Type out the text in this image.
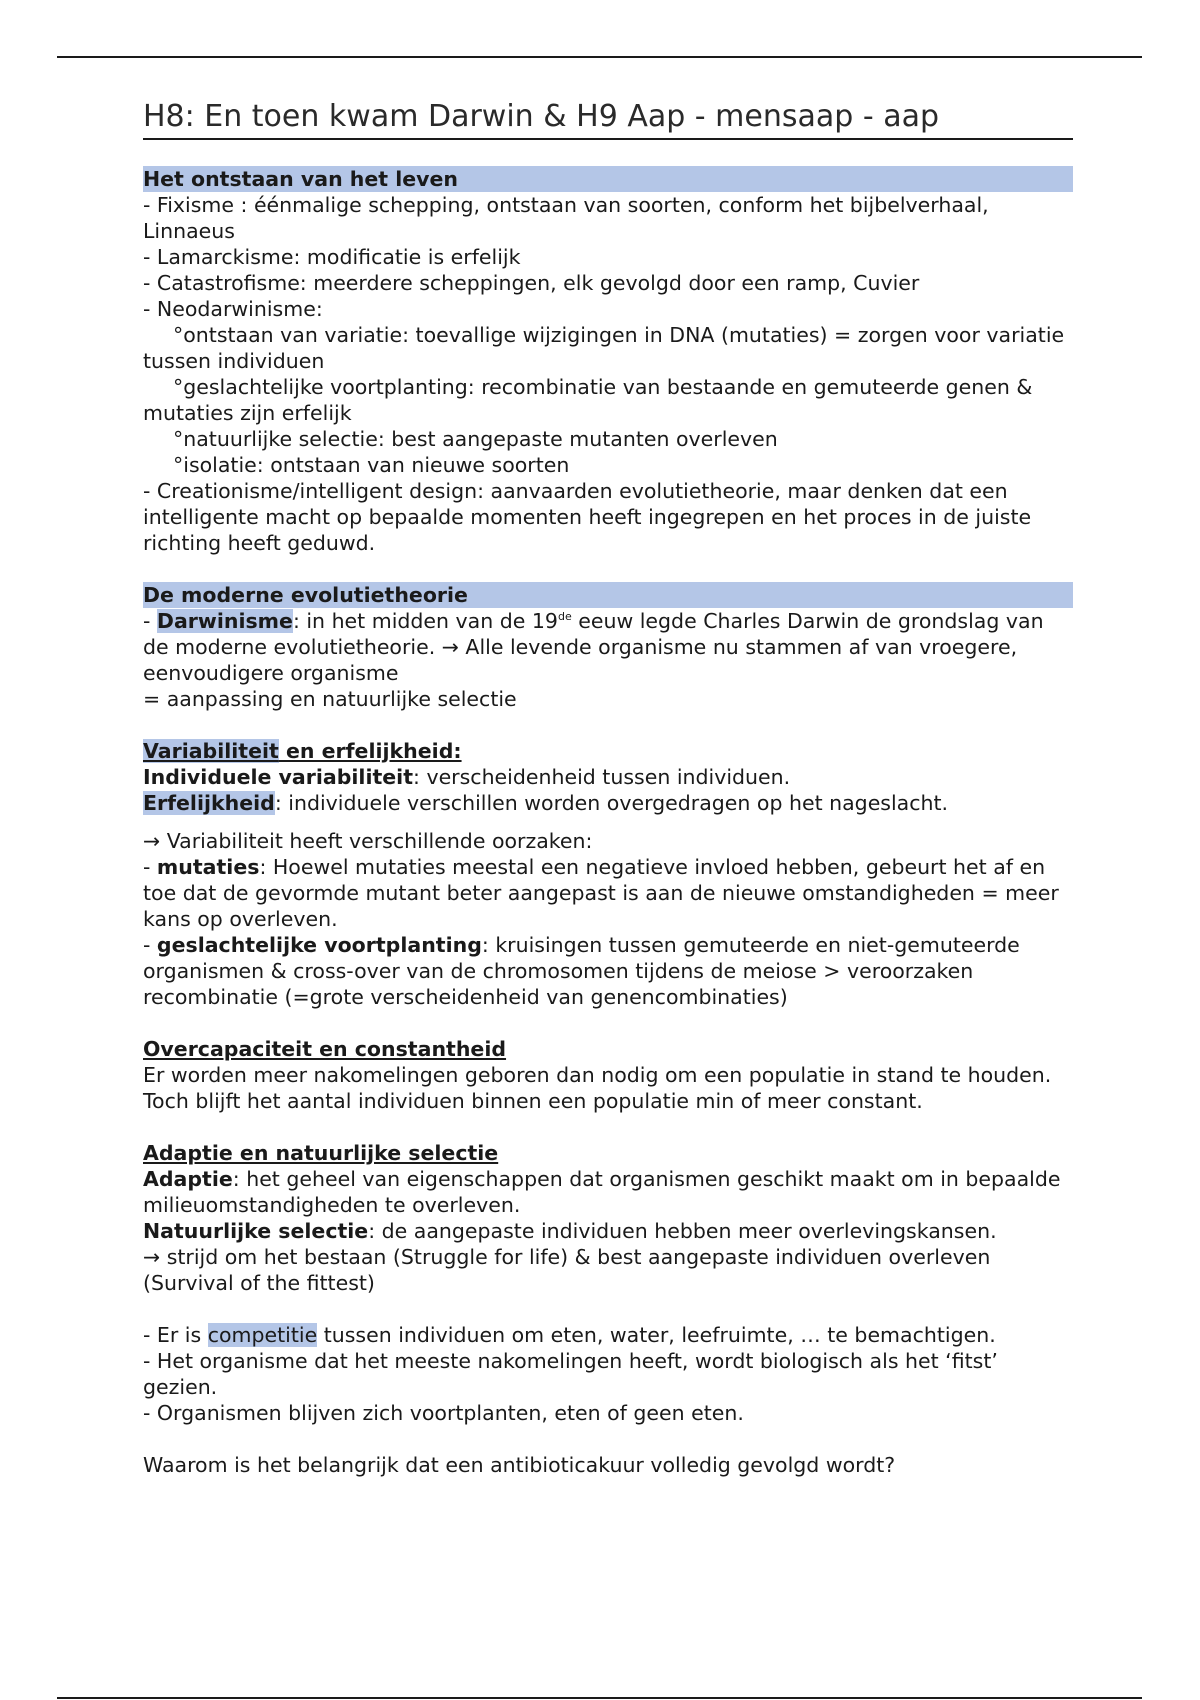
H8: En toen kwam Darwin & H9 Aap - mensaap - aap
Het ontstaan van het leven
- Fixisme : éénmalige schepping, ontstaan van soorten, conform het bijbelverhaal, Linnaeus
- Lamarckisme: modificatie is erfelijk
- Catastrofisme: meerdere scheppingen, elk gevolgd door een ramp, Cuvier
- Neodarwinisme:
°ontstaan van variatie: toevallige wijzigingen in DNA (mutaties) = zorgen voor variatie tussen individuen
°geslachtelijke voortplanting: recombinatie van bestaande en gemuteerde genen & mutaties zijn erfelijk
°natuurlijke selectie: best aangepaste mutanten overleven
°isolatie: ontstaan van nieuwe soorten
- Creationisme/intelligent design: aanvaarden evolutietheorie, maar denken dat een intelligente macht op bepaalde momenten heeft ingegrepen en het proces in de juiste richting heeft geduwd.
De moderne evolutietheorie
- Darwinisme: in het midden van de 19de eeuw legde Charles Darwin de grondslag van de moderne evolutietheorie. → Alle levende organisme nu stammen af van vroegere, eenvoudigere organisme
= aanpassing en natuurlijke selectie
Variabiliteit en erfelijkheid:
Individuele variabiliteit: verscheidenheid tussen individuen.
Erfelijkheid: individuele verschillen worden overgedragen op het nageslacht.
→ Variabiliteit heeft verschillende oorzaken:
- mutaties: Hoewel mutaties meestal een negatieve invloed hebben, gebeurt het af en toe dat de gevormde mutant beter aangepast is aan de nieuwe omstandigheden = meer kans op overleven.
- geslachtelijke voortplanting: kruisingen tussen gemuteerde en niet-gemuteerde organismen & cross-over van de chromosomen tijdens de meiose > veroorzaken recombinatie (=grote verscheidenheid van genencombinaties)
Overcapaciteit en constantheid
Er worden meer nakomelingen geboren dan nodig om een populatie in stand te houden. Toch blijft het aantal individuen binnen een populatie min of meer constant.
Adaptie en natuurlijke selectie
Adaptie: het geheel van eigenschappen dat organismen geschikt maakt om in bepaalde milieuomstandigheden te overleven.
Natuurlijke selectie: de aangepaste individuen hebben meer overlevingskansen.
→ strijd om het bestaan (Struggle for life) & best aangepaste individuen overleven (Survival of the fittest)
- Er is competitie tussen individuen om eten, water, leefruimte, … te bemachtigen.
- Het organisme dat het meeste nakomelingen heeft, wordt biologisch als het ‘fitst’ gezien.
- Organismen blijven zich voortplanten, eten of geen eten.
Waarom is het belangrijk dat een antibioticakuur volledig gevolgd wordt?
